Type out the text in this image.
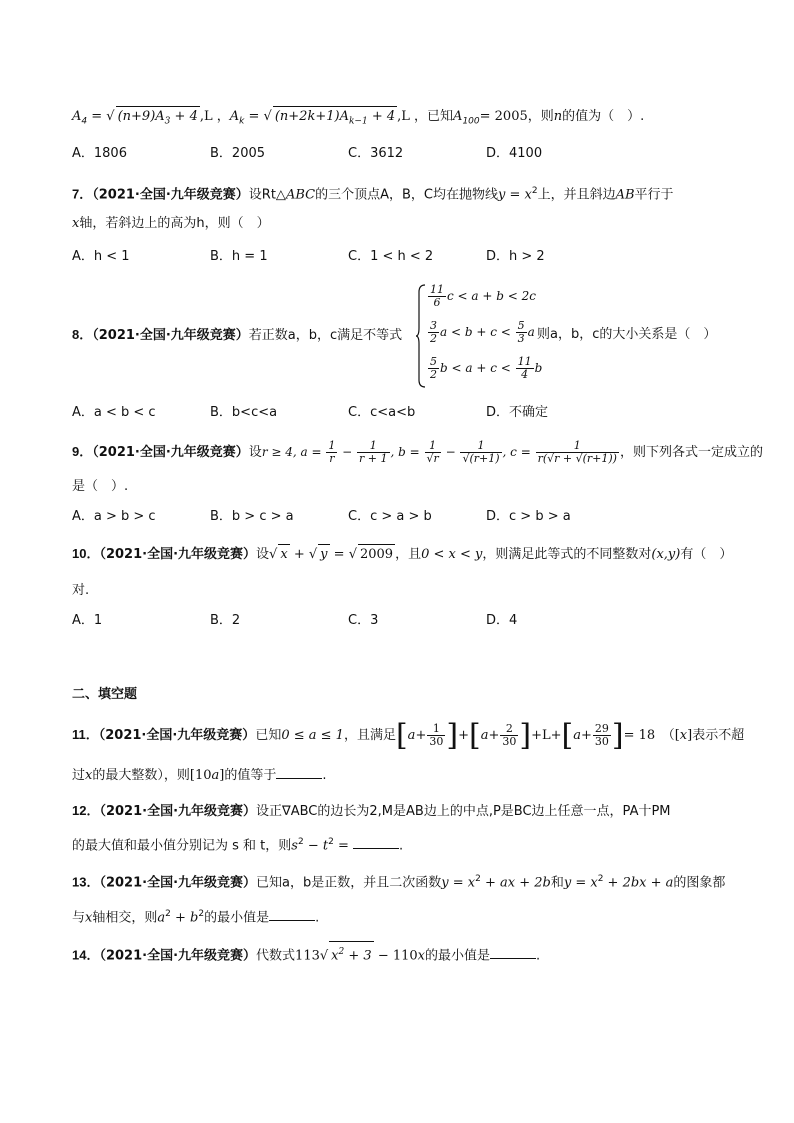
$A_4$ = √ $(n+9)A_3 + 4$ ,L ，$A_k$ = √ $(n+2k+1)A_{k-1} + 4$ ,L ，已知$A_{100}= 2005$，则n的值为（　）.
A．1806	B．2005	C．3612	D．4100
7．（2021·全国·九年级竞赛）设Rt△ABC的三个顶点A，B，C均在抛物线$y = x^2$上，并且斜边AB平行于
x轴，若斜边上的高为h，则（　）
A．h < 1	B．h = 1	C．1 < h < 2	D．h > 2
8．（2021·全国·九年级竞赛）若正数a，b，c满足不等式
$\frac{11}{6}$ c < a + b < 2c
$\frac{3}{2}$ $a < b + c < \frac{5}{3}$ a
$\frac{5}{2}$ $b < a + c < \frac{11}{4}$ b
则a，b，c的大小关系是（　）
A．a < b < c	B．b<c<a	C．c<a<b	D．不确定
9．（2021·全国·九年级竞赛）设r ≥ 4, $a = \frac{1}{r} - \frac{1}{r + 1}$ , $b = \frac{1}{√r} - \frac{1}{√(r+1)}$ , $c = \frac{1}{r(√r + √(r+1))}$ ，则下列各式一定成立的
是（　）.
A．a > b > c	B．b > c > a	C．c > a > b	D．c > b > a
10．（2021·全国·九年级竞赛）设√ x + √ y = √ 2009 ，且0 < x < y，则满足此等式的不同整数对(x,y)有（　）
对.
A．1	B．2	C．3	D．4
二、填空题
11．（2021·全国·九年级竞赛）已知0 ≤ a ≤ 1，且满足$[a+ \frac{1}{30} ]+[a+ \frac{2}{30} ]+L+[a+ \frac{29}{30}$ ]= 18　 （[x]表示不超
过x的最大整数），则[10a]的值等于	.
12．（2021·全国·九年级竞赛）设正∇ABC的边长为2,M是AB边上的中点,P是BC边上任意一点，PA十PM
的最大值和最小值分别记为 s 和 t，则$s^2 - t^2$ =	.
13．（2021·全国·九年级竞赛）已知a，b是正数，并且二次函数$y = x^2$ + ax + 2b和$y = x^2 + 2bx + a$的图象都
与x轴相交，则$a^2 + b^2$的最小值是	.
14．（2021·全国·九年级竞赛）代数式113√ $x^2 + 3 - 110x$的最小值是	.
